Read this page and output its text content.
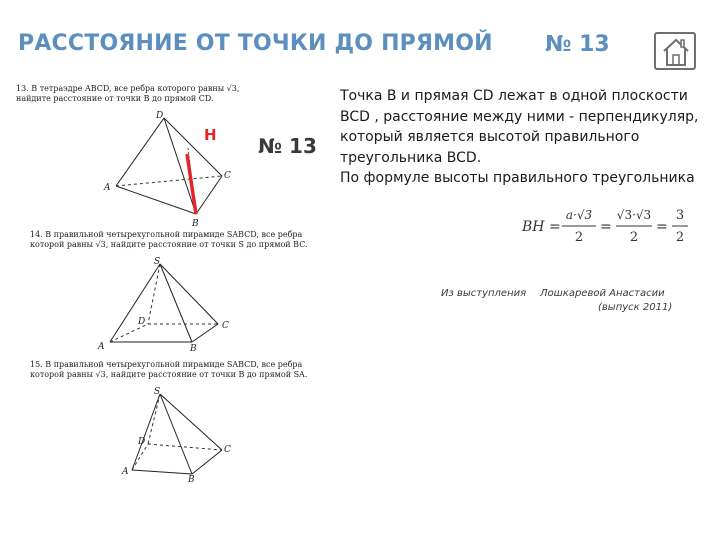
РАССТОЯНИЕ ОТ ТОЧКИ ДО ПРЯМОЙ № 13
13. В тетраэдре ABCD, все ребра которого равны √3, найдите расстояние от точки B до прямой CD.
D
A
B
C
H № 13
14. В правильной четырехугольной пирамиде SABCD, все ребра которой равны √3, найдите расстояние от точки S до прямой BC.
S
D	C
A	B
15. В правильной четырехугольной пирамиде SABCD, все ребра которой равны √3, найдите расстояние от точки B до прямой SA.
S
D
C
A
B

Точка В и прямая CD лежат в одной плоскости

BCD , расстояние между ними - перпендикуляр,

который является высотой правильного

треугольника BCD.

По формуле высоты правильного треугольника

BH =
a·√3
2
=
√3·√3
2
=
3
2
Из выступления Лошкаревой Анастасии
(выпуск 2011)
